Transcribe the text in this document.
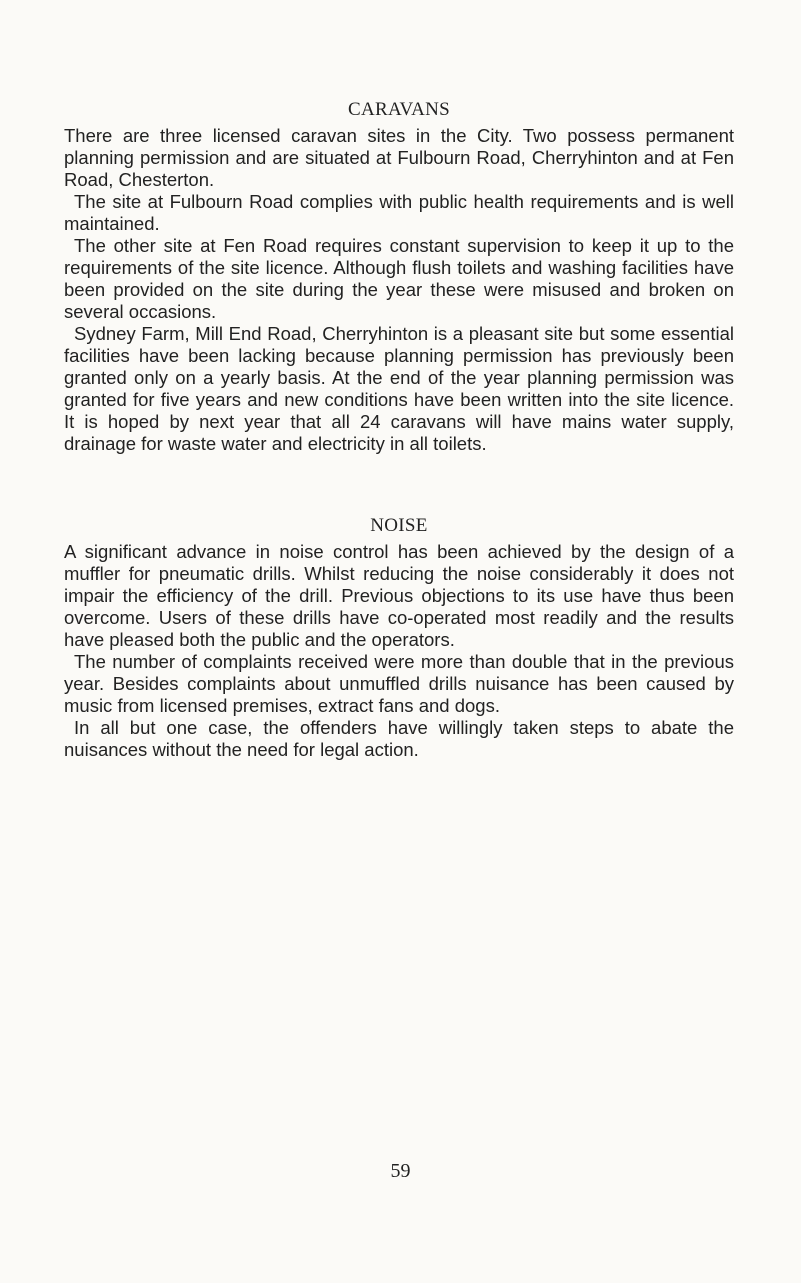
CARAVANS

There are three licensed caravan sites in the City. Two possess permanent planning permission and are situated at Fulbourn Road, Cherryhinton and at Fen Road, Chesterton.

The site at Fulbourn Road complies with public health requirements and is well maintained.

The other site at Fen Road requires constant supervision to keep it up to the requirements of the site licence. Although flush toilets and washing facilities have been provided on the site during the year these were misused and broken on several occasions.

Sydney Farm, Mill End Road, Cherryhinton is a pleasant site but some essential facilities have been lacking because planning permission has previously been granted only on a yearly basis. At the end of the year planning permission was granted for five years and new conditions have been written into the site licence. It is hoped by next year that all 24 caravans will have mains water supply, drainage for waste water and electricity in all toilets.

NOISE

A significant advance in noise control has been achieved by the design of a muffler for pneumatic drills. Whilst reducing the noise considerably it does not impair the efficiency of the drill. Previous objections to its use have thus been overcome. Users of these drills have co-operated most readily and the results have pleased both the public and the operators.

The number of complaints received were more than double that in the previous year. Besides complaints about unmuffled drills nuisance has been caused by music from licensed premises, extract fans and dogs.

In all but one case, the offenders have willingly taken steps to abate the nuisances without the need for legal action.

59
